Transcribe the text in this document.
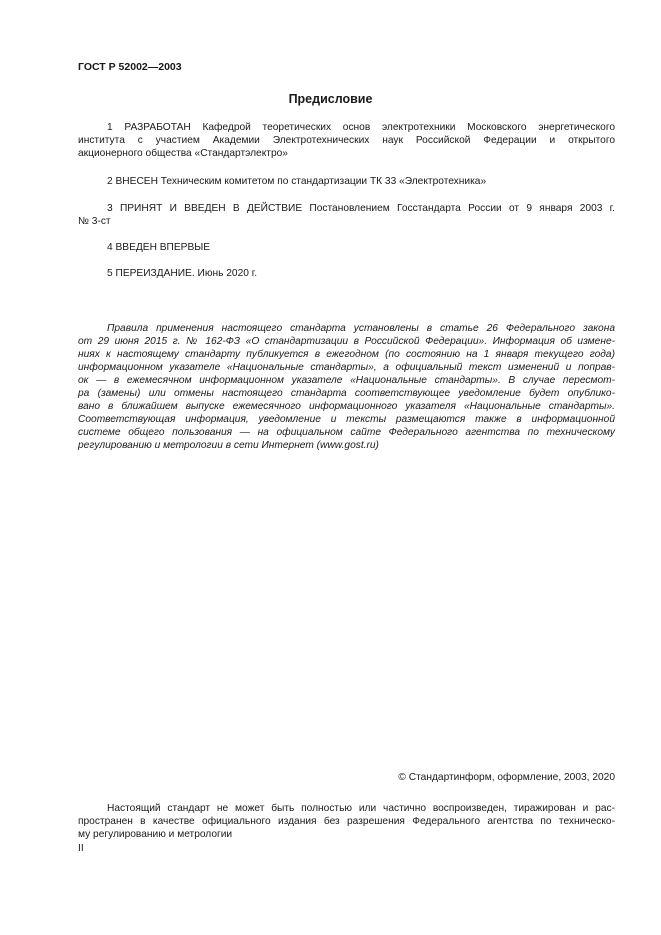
ГОСТ Р 52002—2003
Предисловие
1 РАЗРАБОТАН Кафедрой теоретических основ электротехники Московского энергетического
института с участием Академии Электротехнических наук Российской Федерации и открытого
акционерного общества «Стандартэлектро»
2 ВНЕСЕН Техническим комитетом по стандартизации ТК 33 «Электротехника»
3 ПРИНЯТ И ВВЕДЕН В ДЕЙСТВИЕ Постановлением Госстандарта России от 9 января 2003 г.
№ 3-ст
4 ВВЕДЕН ВПЕРВЫЕ
5 ПЕРЕИЗДАНИЕ. Июнь 2020 г.
Правила применения настоящего стандарта установлены в статье 26 Федерального закона
от 29 июня 2015 г. № 162-ФЗ «О стандартизации в Российской Федерации». Информация об измене-
ниях к настоящему стандарту публикуется в ежегодном (по состоянию на 1 января текущего года)
информационном указателе «Национальные стандарты», а официальный текст изменений и поправ-
ок — в ежемесячном информационном указателе «Национальные стандарты». В случае пересмот-
ра (замены) или отмены настоящего стандарта соответствующее уведомление будет опублико-
вано в ближайшем выпуске ежемесячного информационного указателя «Национальные стандарты».
Соответствующая информация, уведомление и тексты размещаются также в информационной
системе общего пользования — на официальном сайте Федерального агентства по техническому
регулированию и метрологии в сети Интернет (www.gost.ru)
© Стандартинформ, оформление, 2003, 2020
Настоящий стандарт не может быть полностью или частично воспроизведен, тиражирован и рас-
пространен в качестве официального издания без разрешения Федерального агентства по техническо-
му регулированию и метрологии
II
